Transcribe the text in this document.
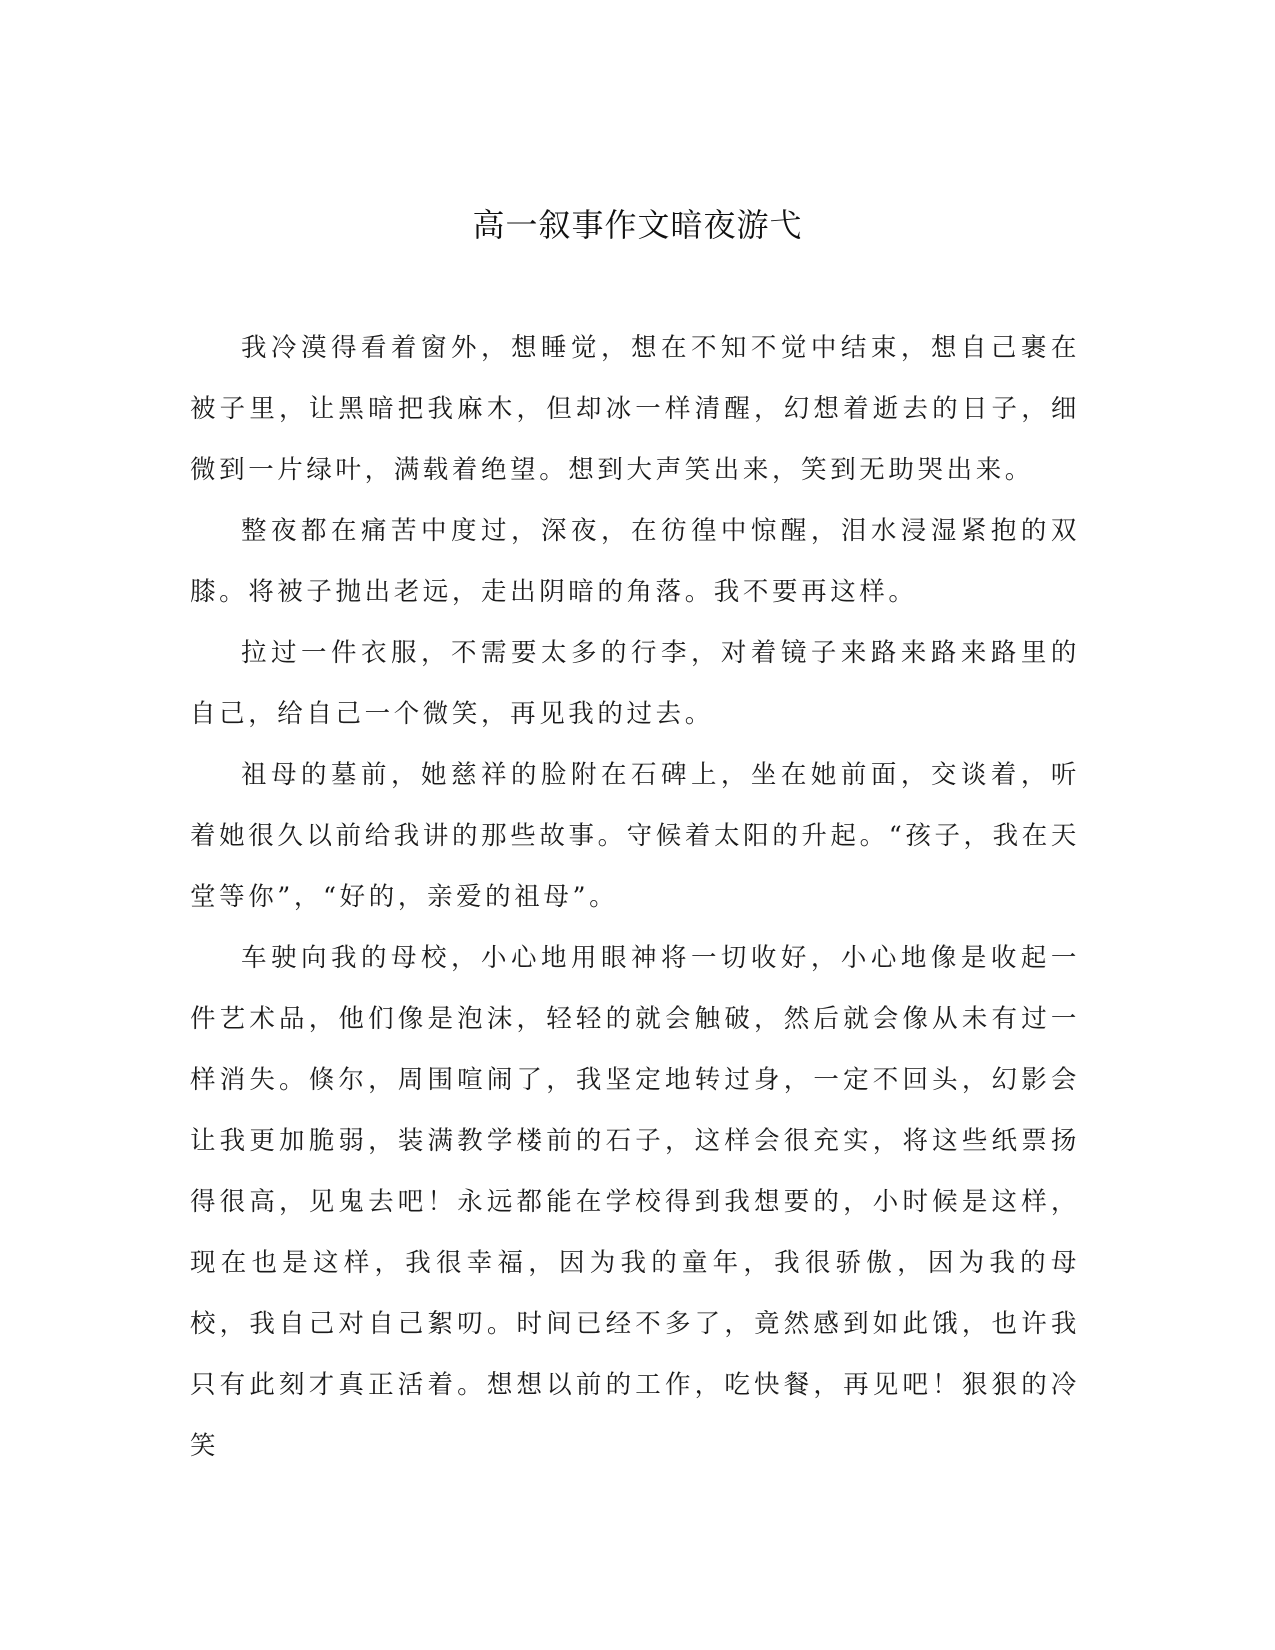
高一叙事作文暗夜游弋

我冷漠得看着窗外，想睡觉，想在不知不觉中结束，想自己裹在被子里，让黑暗把我麻木，但却冰一样清醒，幻想着逝去的日子，细微到一片绿叶，满载着绝望。想到大声笑出来，笑到无助哭出来。

整夜都在痛苦中度过，深夜，在彷徨中惊醒，泪水浸湿紧抱的双膝。将被子抛出老远，走出阴暗的角落。我不要再这样。

拉过一件衣服，不需要太多的行李，对着镜子来路来路来路里的自己，给自己一个微笑，再见我的过去。

祖母的墓前，她慈祥的脸附在石碑上，坐在她前面，交谈着，听着她很久以前给我讲的那些故事。守候着太阳的升起。“孩子，我在天堂等你”，“好的，亲爱的祖母”。

车驶向我的母校，小心地用眼神将一切收好，小心地像是收起一件艺术品，他们像是泡沫，轻轻的就会触破，然后就会像从未有过一样消失。倏尔，周围喧闹了，我坚定地转过身，一定不回头，幻影会让我更加脆弱，装满教学楼前的石子，这样会很充实，将这些纸票扬得很高，见鬼去吧！永远都能在学校得到我想要的，小时候是这样，现在也是这样，我很幸福，因为我的童年，我很骄傲，因为我的母校，我自己对自己絮叨。时间已经不多了，竟然感到如此饿，也许我只有此刻才真正活着。想想以前的工作，吃快餐，再见吧！狠狠的冷笑
